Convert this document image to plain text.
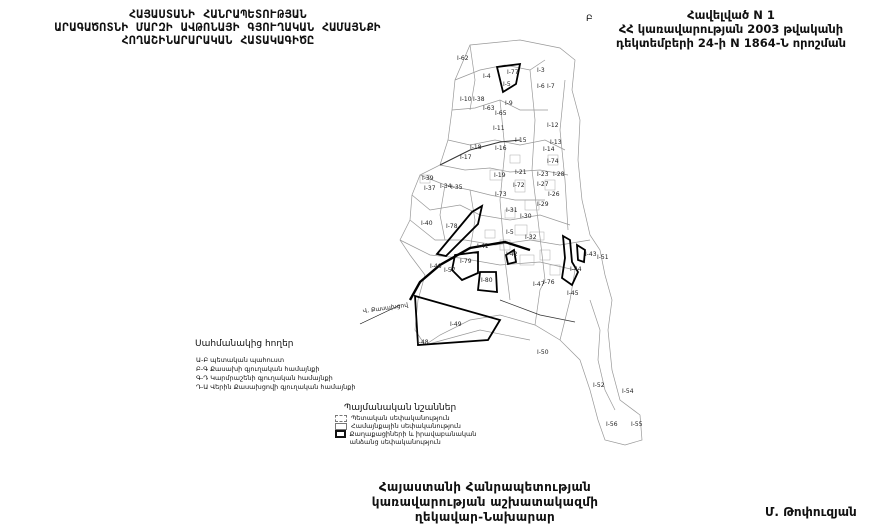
ՀԱՅԱՍՏԱՆԻ ՀԱՆՐԱՊԵՏՈՒԹՅԱՆ
ԱՐԱԳԱԾՈՏՆԻ ՄԱՐԶԻ ԱՎԹՈՆԱՅԻ ԳՅՈՒՂԱԿԱՆ ՀԱՄԱՅՆՔԻ
ՀՈՂԱՇԻՆԱՐԱՐԱԿԱՆ ՀԱՏԱԿԱԳԻԾԸ
Հավելված N 1
ՀՀ կառավարության 2003 թվականի
դեկտեմբերի 24-ի N 1864-Ն որոշման
Բ
Վ. Քասախցով
I-62
I-4
I-77	I-3
I-5	I-6 I-7
I-10 I-38
I-9
I-63
I-65
I-11	I-12
I-16
I-18
I-15	I-13
I-14
I-17
I-74
I-39
I-21 I-23
I-19	I-28
I-37 I-34 I-35	I-72 I-27
I-73	I-26
I-29
I-31
I-30
I-40 I-78
I-5
I-32
I-41
I-42	I-43 I-51
I-79
I-46
I-57	I-44
I-80
I-47
I-76
I-45
I-49
I-48
I-50
I-52
I-54
I-56 I-55
Սահմանակից հողեր
Ա-Բ պետական պահուստ
Բ-Գ Քասախի գյուղական համայնքի
Գ-Դ Կարմրաշենի գյուղական համայնքի
Դ-Ա Վերին Քասախցովի գյուղական համայնքի
Պայմանական նշաններ
Պետական սեփականություն
Համայնքային սեփականություն
Քաղաքացիների և իրավաբանական անձանց սեփականություն
Հայաստանի Հանրապետության
կառավարության աշխատակազմի
ղեկավար-Նախարար	Մ. Թոփուզյան
